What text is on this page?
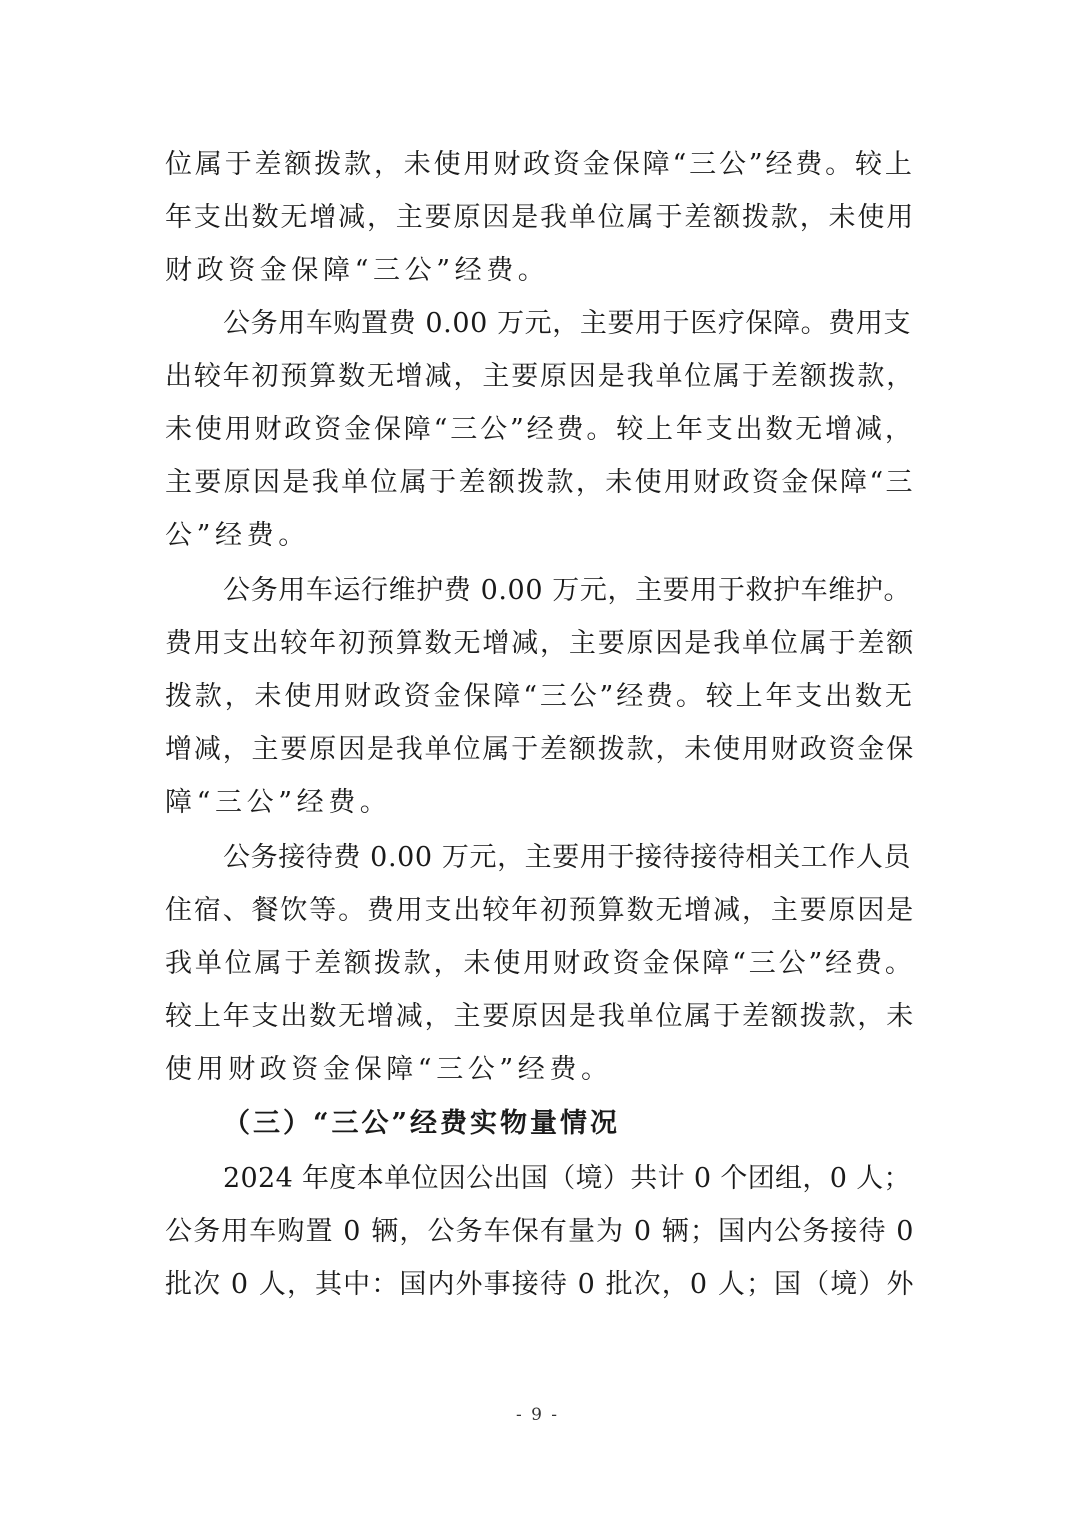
位属于差额拨款，未使用财政资金保障“三公”经费。较上
年支出数无增减，主要原因是我单位属于差额拨款，未使用
财政资金保障“三公”经费。
公务用车购置费 0.00 万元，主要用于医疗保障。费用支
出较年初预算数无增减，主要原因是我单位属于差额拨款，
未使用财政资金保障“三公”经费。较上年支出数无增减，
主要原因是我单位属于差额拨款，未使用财政资金保障“三
公”经费。
公务用车运行维护费 0.00 万元，主要用于救护车维护。
费用支出较年初预算数无增减，主要原因是我单位属于差额
拨款，未使用财政资金保障“三公”经费。较上年支出数无
增减，主要原因是我单位属于差额拨款，未使用财政资金保
障“三公”经费。
公务接待费 0.00 万元，主要用于接待接待相关工作人员
住宿、餐饮等。费用支出较年初预算数无增减，主要原因是
我单位属于差额拨款，未使用财政资金保障“三公”经费。
较上年支出数无增减，主要原因是我单位属于差额拨款，未
使用财政资金保障“三公”经费。
（三）“三公”经费实物量情况
2024 年度本单位因公出国（境）共计 0 个团组，0 人；
公务用车购置 0 辆，公务车保有量为 0 辆；国内公务接待 0
批次 0 人，其中：国内外事接待 0 批次，0 人；国（境）外
- 9 -
